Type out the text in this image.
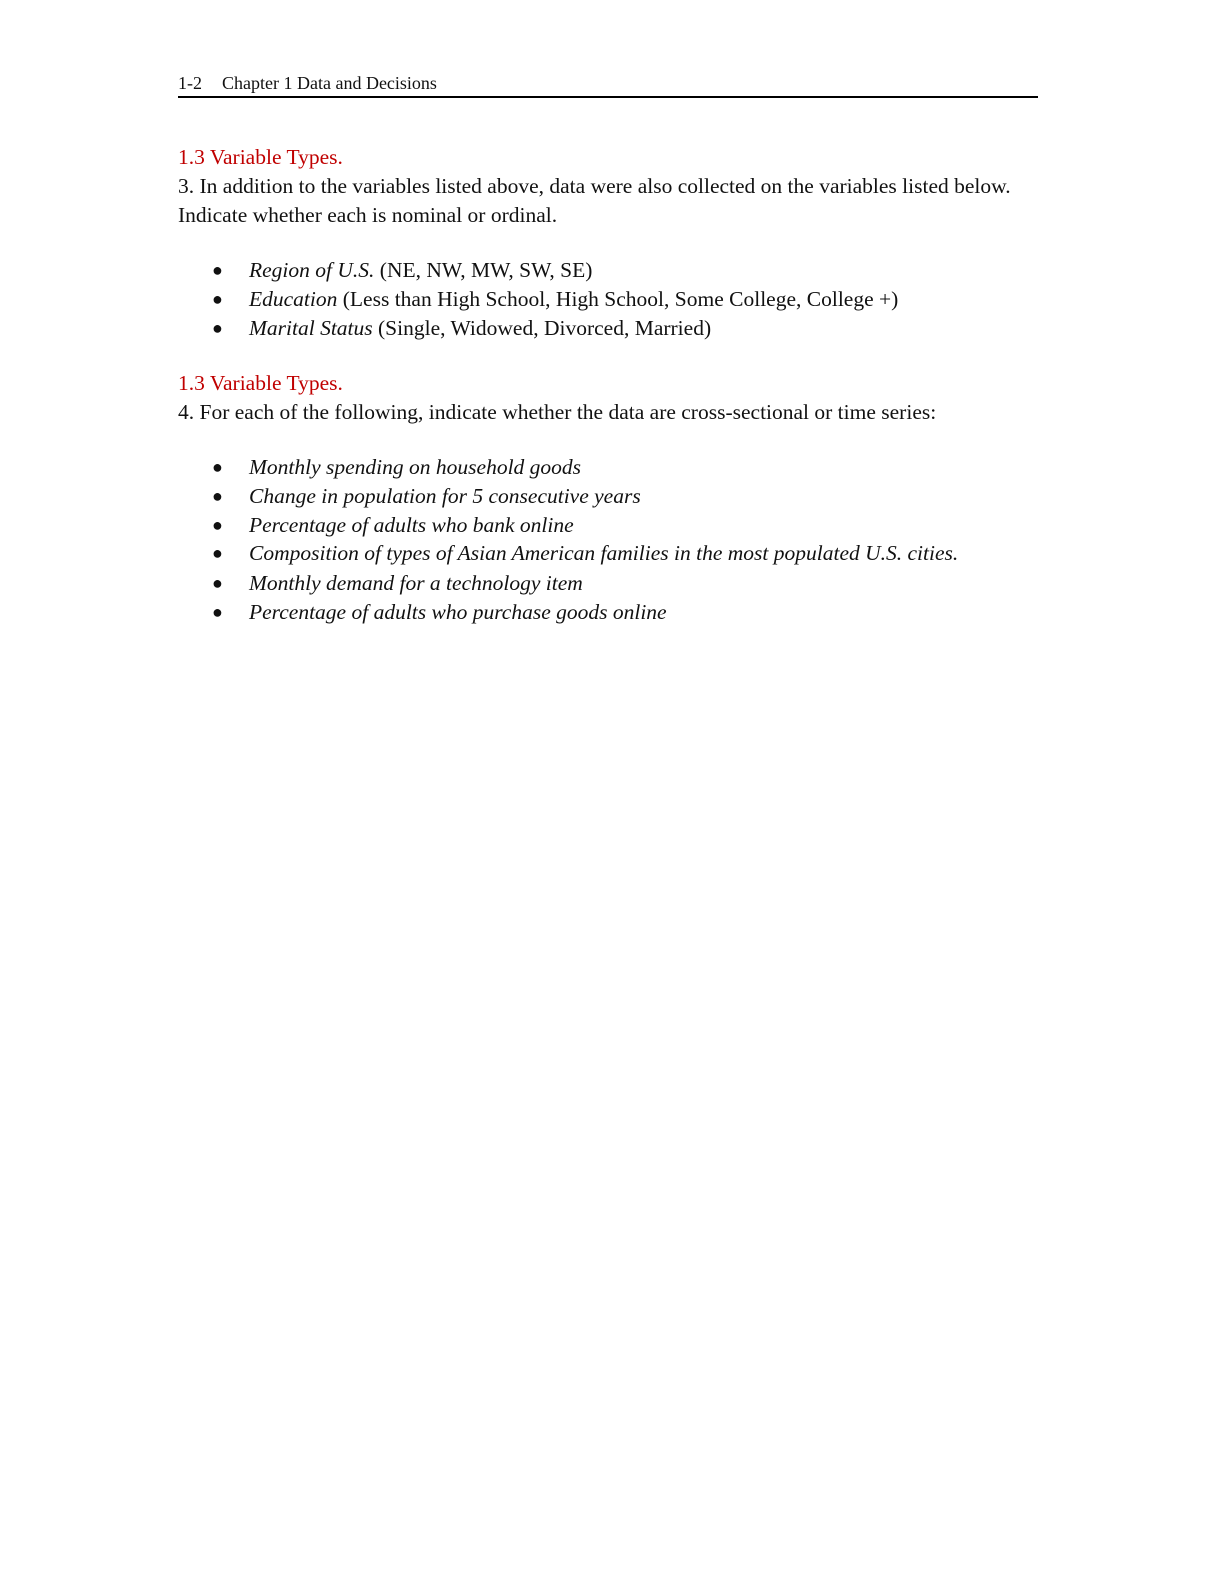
1-2 Chapter 1 Data and Decisions

1.3 Variable Types.

3. In addition to the variables listed above, data were also collected on the variables listed below. Indicate whether each is nominal or ordinal.

● Region of U.S. (NE, NW, MW, SW, SE)
● Education (Less than High School, High School, Some College, College +)
● Marital Status (Single, Widowed, Divorced, Married)

1.3 Variable Types.

4. For each of the following, indicate whether the data are cross-sectional or time series:

● Monthly spending on household goods
● Change in population for 5 consecutive years
● Percentage of adults who bank online
● Composition of types of Asian American families in the most populated U.S. cities.
● Monthly demand for a technology item
● Percentage of adults who purchase goods online
